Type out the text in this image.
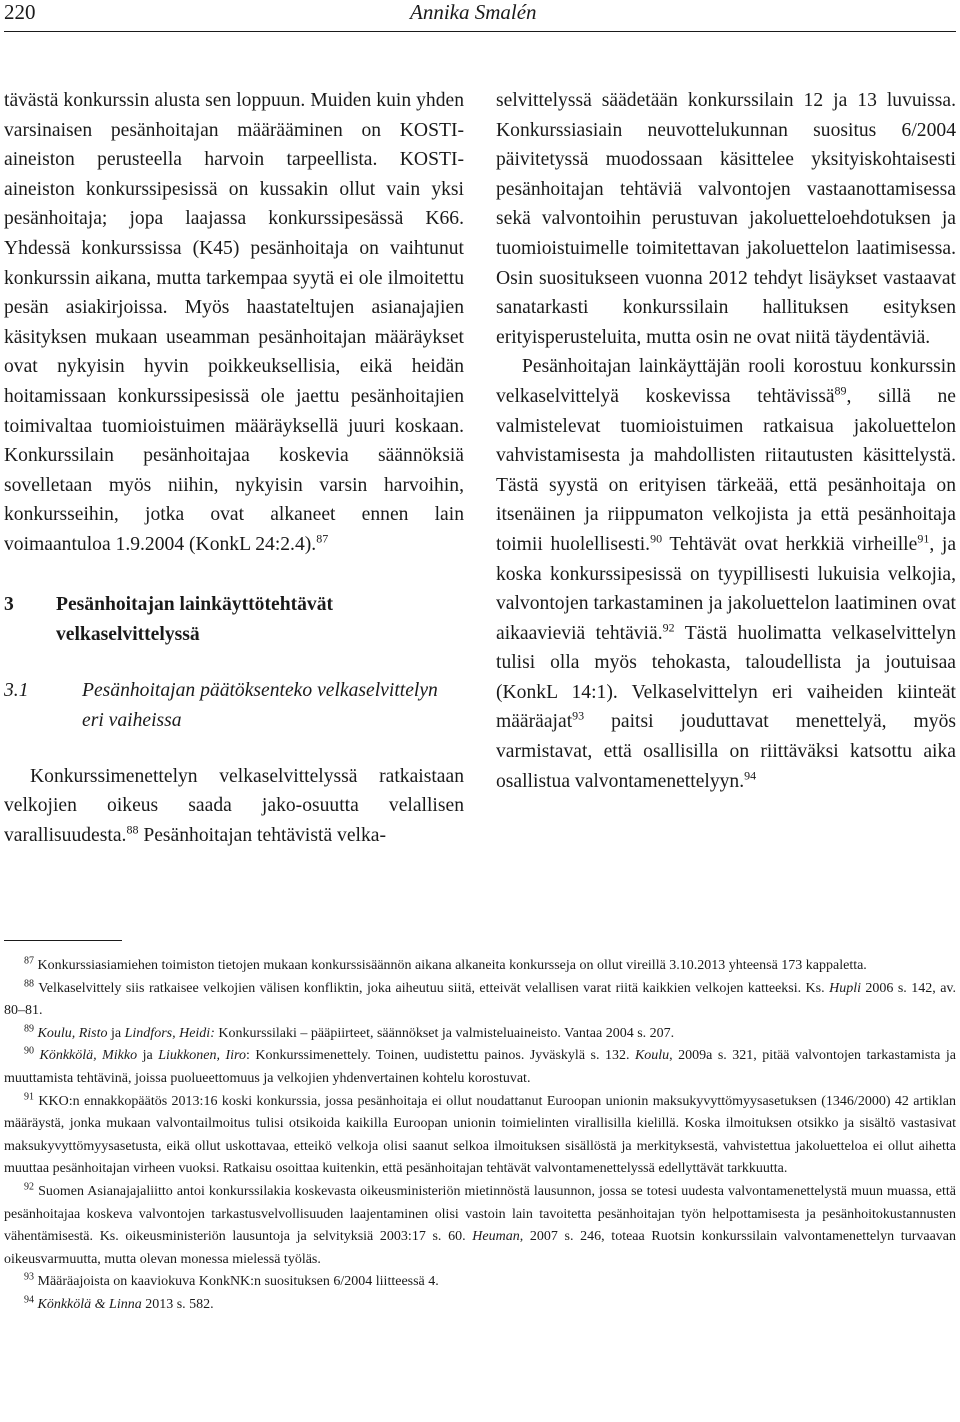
220	Annika Smalén

tävästä konkurssin alusta sen loppuun. Muiden kuin yhden varsinaisen pesänhoitajan määrääminen on KOSTI-aineiston perusteella harvoin tarpeellista. KOSTI-aineiston konkurssipesissä on kussakin ollut vain yksi pesänhoitaja; jopa laajassa konkurssipesässä K66. Yhdessä konkurssissa (K45) pesänhoitaja on vaihtunut konkurssin aikana, mutta tarkempaa syytä ei ole ilmoitettu pesän asiakirjoissa. Myös haastateltujen asianajajien käsityksen mukaan useamman pesänhoitajan määräykset ovat nykyisin hyvin poikkeuksellisia, eikä heidän hoitamissaan konkurssipesissä ole jaettu pesänhoitajien toimivaltaa tuomioistuimen määräyksellä juuri koskaan. Konkurssilain pesänhoitajaa koskevia säännöksiä sovelletaan myös niihin, nykyisin varsin harvoihin, konkursseihin, jotka ovat alkaneet ennen lain voimaantuloa 1.9.2004 (KonkL 24:2.4).$^{87}$

3	Pesänhoitajan lainkäyttötehtävät velkaselvittelyssä
3.1	Pesänhoitajan päätöksenteko velkaselvittelyn eri vaiheissa

Konkurssimenettelyn velkaselvittelyssä ratkaistaan velkojien oikeus saada jako-osuutta velallisen varallisuudesta.$^{88}$ Pesänhoitajan tehtävistä velka-

selvittelyssä säädetään konkurssilain 12 ja 13 luvuissa. Konkurssiasiain neuvottelukunnan suositus 6/2004 päivitetyssä muodossaan käsittelee yksityiskohtaisesti pesänhoitajan tehtäviä valvontojen vastaanottamisessa sekä valvontoihin perustuvan jakoluetteloehdotuksen ja tuomioistuimelle toimitettavan jakoluettelon laatimisessa. Osin suositukseen vuonna 2012 tehdyt lisäykset vastaavat sanatarkasti konkurssilain hallituksen esityksen erityisperusteluita, mutta osin ne ovat niitä täydentäviä.

Pesänhoitajan lainkäyttäjän rooli korostuu konkurssin velkaselvittelyä koskevissa tehtävissä$^{89}$, sillä ne valmistelevat tuomioistuimen ratkaisua jakoluettelon vahvistamisesta ja mahdollisten riitautusten käsittelystä. Tästä syystä on erityisen tärkeää, että pesänhoitaja on itsenäinen ja riippumaton velkojista ja että pesänhoitaja toimii huolellisesti.$^{90}$ Tehtävät ovat herkkiä virheille$^{91}$, ja koska konkurssipesissä on tyypillisesti lukuisia velkojia, valvontojen tarkastaminen ja jakoluettelon laatiminen ovat aikaavieviä tehtäviä.$^{92}$ Tästä huolimatta velkaselvittelyn tulisi olla myös tehokasta, taloudellista ja joutuisaa (KonkL 14:1). Velkaselvittelyn eri vaiheiden kiinteät määräajat$^{93}$ paitsi jouduttavat menettelyä, myös varmistavat, että osallisilla on riittäväksi katsottu aika osallistua valvontamenettelyyn.$^{94}$

$^{87}$ Konkurssiasiamiehen toimiston tietojen mukaan konkurssisäännön aikana alkaneita konkursseja on ollut vireillä 3.10.2013 yhteensä 173 kappaletta.

$^{88}$ Velkaselvittely siis ratkaisee velkojien välisen konfliktin, joka aiheutuu siitä, etteivät velallisen varat riitä kaikkien velkojen katteeksi. Ks. Hupli 2006 s. 142, av. 80–81.

$^{89}$ Koulu, Risto ja Lindfors, Heidi: Konkurssilaki – pääpiirteet, säännökset ja valmisteluaineisto. Vantaa 2004 s. 207.

$^{90}$ Könkkölä, Mikko ja Liukkonen, Iiro: Konkurssimenettely. Toinen, uudistettu painos. Jyväskylä s. 132. Koulu, 2009a s. 321, pitää valvontojen tarkastamista ja muuttamista tehtävinä, joissa puolueettomuus ja velkojien yhdenvertainen kohtelu korostuvat.

$^{91}$ KKO:n ennakkopäätös 2013:16 koski konkurssia, jossa pesänhoitaja ei ollut noudattanut Euroopan unionin maksukyvyttömyysasetuksen (1346/2000) 42 artiklan määräystä, jonka mukaan valvontailmoitus tulisi otsikoida kaikilla Euroopan unionin toimielinten virallisilla kielillä. Koska ilmoituksen otsikko ja sisältö vastasivat maksukyvyttömyysasetusta, eikä ollut uskottavaa, etteikö velkoja olisi saanut selkoa ilmoituksen sisällöstä ja merkityksestä, vahvistettua jakoluetteloa ei ollut aihetta muuttaa pesänhoitajan virheen vuoksi. Ratkaisu osoittaa kuitenkin, että pesänhoitajan tehtävät valvontamenettelyssä edellyttävät tarkkuutta.

$^{92}$ Suomen Asianajajaliitto antoi konkurssilakia koskevasta oikeusministeriön mietinnöstä lausunnon, jossa se totesi uudesta valvontamenettelystä muun muassa, että pesänhoitajaa koskeva valvontojen tarkastusvelvollisuuden laajentaminen olisi vastoin lain tavoitetta pesänhoitajan työn helpottamisesta ja pesänhoitokustannusten vähentämisestä. Ks. oikeusministeriön lausuntoja ja selvityksiä 2003:17 s. 60. Heuman, 2007 s. 246, toteaa Ruotsin konkurssilain valvontamenettelyn turvaavan oikeusvarmuutta, mutta olevan monessa mielessä työläs.

$^{93}$ Määräajoista on kaaviokuva KonkNK:n suosituksen 6/2004 liitteessä 4.

$^{94}$ Könkkölä & Linna 2013 s. 582.
